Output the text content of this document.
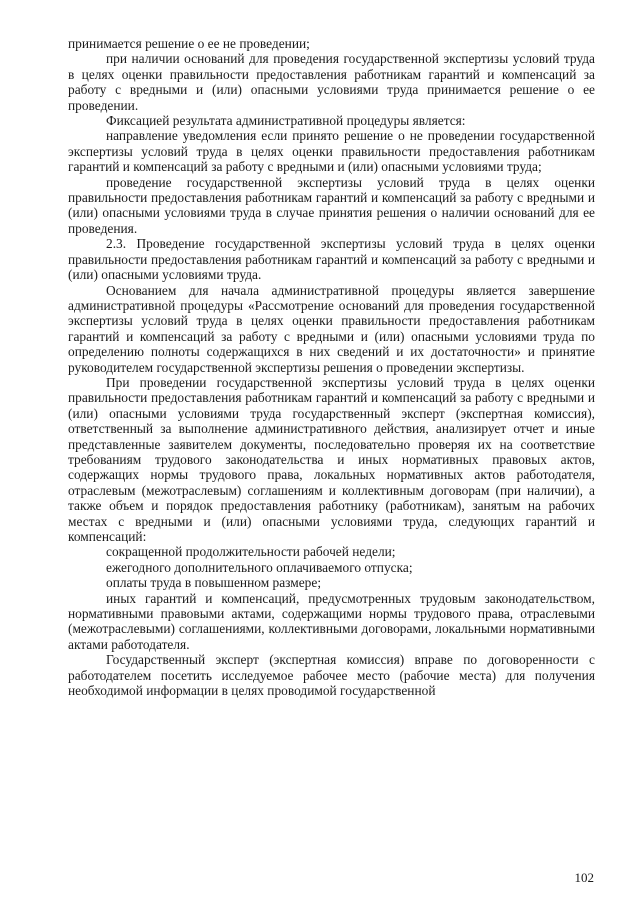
принимается решение о ее не проведении;

при наличии оснований для проведения государственной экспертизы условий труда в целях оценки правильности предоставления работникам гарантий и компенсаций за работу с вредными и (или) опасными условиями труда принимается решение о ее проведении.

Фиксацией результата административной процедуры является:

направление уведомления если принято решение о не проведении государственной экспертизы условий труда в целях оценки правильности предоставления работникам гарантий и компенсаций за работу с вредными и (или) опасными условиями труда;

проведение государственной экспертизы условий труда в целях оценки правильности предоставления работникам гарантий и компенсаций за работу с вредными и (или) опасными условиями труда в случае принятия решения о наличии оснований для ее проведения.

2.3. Проведение государственной экспертизы условий труда в целях оценки правильности предоставления работникам гарантий и компенсаций за работу с вредными и (или) опасными условиями труда.

Основанием для начала административной процедуры является завершение административной процедуры «Рассмотрение оснований для проведения государственной экспертизы условий труда в целях оценки правильности предоставления работникам гарантий и компенсаций за работу с вредными и (или) опасными условиями труда по определению полноты содержащихся в них сведений и их достаточности» и принятие руководителем государственной экспертизы решения о проведении экспертизы.

При проведении государственной экспертизы условий труда в целях оценки правильности предоставления работникам гарантий и компенсаций за работу с вредными и (или) опасными условиями труда государственный эксперт (экспертная комиссия), ответственный за выполнение административного действия, анализирует отчет и иные представленные заявителем документы, последовательно проверяя их на соответствие требованиям трудового законодательства и иных нормативных правовых актов, содержащих нормы трудового права, локальных нормативных актов работодателя, отраслевым (межотраслевым) соглашениям и коллективным договорам (при наличии), а также объем и порядок предоставления работнику (работникам), занятым на рабочих местах с вредными и (или) опасными условиями труда, следующих гарантий и компенсаций:

сокращенной продолжительности рабочей недели;

ежегодного дополнительного оплачиваемого отпуска;

оплаты труда в повышенном размере;

иных гарантий и компенсаций, предусмотренных трудовым законодательством, нормативными правовыми актами, содержащими нормы трудового права, отраслевыми (межотраслевыми) соглашениями, коллективными договорами, локальными нормативными актами работодателя.

Государственный эксперт (экспертная комиссия) вправе по договоренности с работодателем посетить исследуемое рабочее место (рабочие места) для получения необходимой информации в целях проводимой государственной

102
